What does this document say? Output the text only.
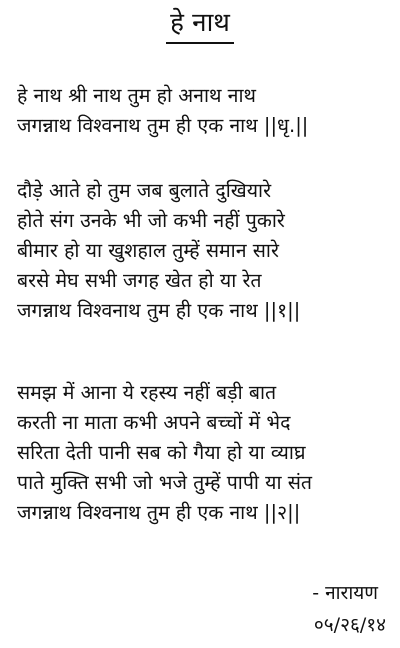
हे नाथ
हे नाथ श्री नाथ तुम हो अनाथ नाथ
जगन्नाथ विश्वनाथ तुम ही एक नाथ ||धृ.||
दौड़े आते हो तुम जब बुलाते दुखियारे
होते संग उनके भी जो कभी नहीं पुकारे
बीमार हो या खुशहाल तुम्हें समान सारे
बरसे मेघ सभी जगह खेत हो या रेत
जगन्नाथ विश्वनाथ तुम ही एक नाथ ||१||
समझ में आना ये रहस्य नहीं बड़ी बात
करती ना माता कभी अपने बच्चों में भेद
सरिता देती पानी सब को गैया हो या व्याघ्र
पाते मुक्ति सभी जो भजे तुम्हें पापी या संत
जगन्नाथ विश्वनाथ तुम ही एक नाथ ||२||
- नारायण
०५/२६/१४
